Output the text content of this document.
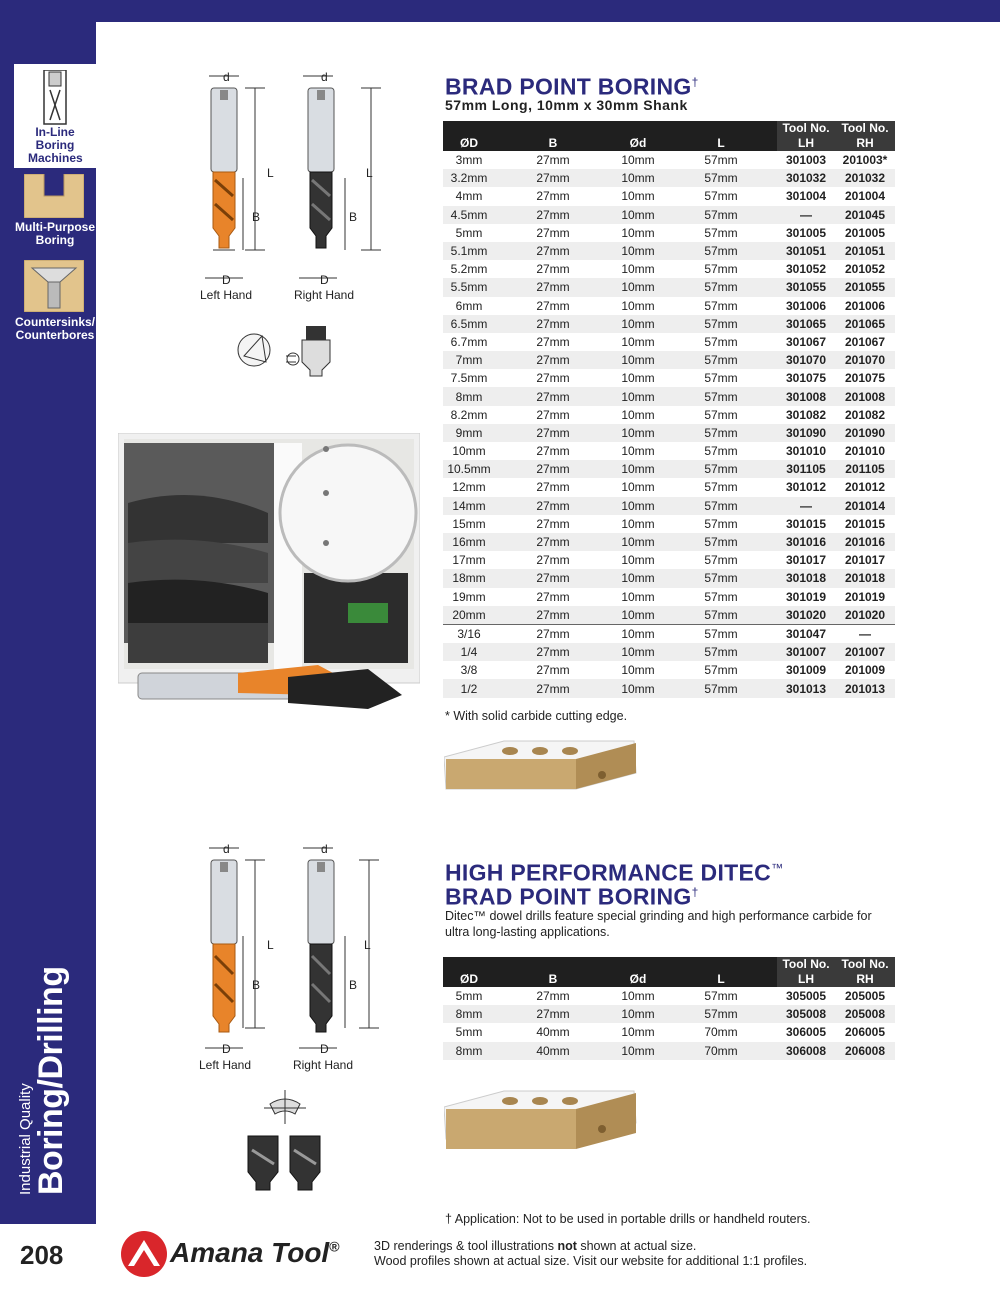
In-Line Boring Machines
Multi-Purpose Boring
Countersinks/ Counterbores
Industrial Quality
Boring/Drilling
d	d
L	L
B	B
D	D
Left Hand	Right Hand
BRAD POINT BORING†
57mm Long, 10mm x 30mm Shank
ØD	B	Ød	L	Tool No.	Tool No.
				LH	RH
3mm	27mm	10mm	57mm	301003	201003*
3.2mm	27mm	10mm	57mm	301032	201032
4mm	27mm	10mm	57mm	301004	201004
4.5mm	27mm	10mm	57mm	—	201045
5mm	27mm	10mm	57mm	301005	201005
5.1mm	27mm	10mm	57mm	301051	201051
5.2mm	27mm	10mm	57mm	301052	201052
5.5mm	27mm	10mm	57mm	301055	201055
6mm	27mm	10mm	57mm	301006	201006
6.5mm	27mm	10mm	57mm	301065	201065
6.7mm	27mm	10mm	57mm	301067	201067
7mm	27mm	10mm	57mm	301070	201070
7.5mm	27mm	10mm	57mm	301075	201075
8mm	27mm	10mm	57mm	301008	201008
8.2mm	27mm	10mm	57mm	301082	201082
9mm	27mm	10mm	57mm	301090	201090
10mm	27mm	10mm	57mm	301010	201010
10.5mm	27mm	10mm	57mm	301105	201105
12mm	27mm	10mm	57mm	301012	201012
14mm	27mm	10mm	57mm	—	201014
15mm	27mm	10mm	57mm	301015	201015
16mm	27mm	10mm	57mm	301016	201016
17mm	27mm	10mm	57mm	301017	201017
18mm	27mm	10mm	57mm	301018	201018
19mm	27mm	10mm	57mm	301019	201019
20mm	27mm	10mm	57mm	301020	201020
3/16	27mm	10mm	57mm	301047	—
1/4	27mm	10mm	57mm	301007	201007
3/8	27mm	10mm	57mm	301009	201009
1/2	27mm	10mm	57mm	301013	201013
* With solid carbide cutting edge.
d	d
L	L
B	B
D	D
Left Hand	Right Hand
HIGH PERFORMANCE DITEC™
BRAD POINT BORING†
Ditec™ dowel drills feature special grinding and high performance carbide for ultra long-lasting applications.
ØD	B	Ød	L	Tool No.	Tool No.
				LH	RH
5mm	27mm	10mm	57mm	305005	205005
8mm	27mm	10mm	57mm	305008	205008
5mm	40mm	10mm	70mm	306005	206005
8mm	40mm	10mm	70mm	306008	206008
† Application: Not to be used in portable drills or handheld routers.
208	Amana Tool®	3D renderings & tool illustrations not shown at actual size.
Wood profiles shown at actual size. Visit our website for additional 1:1 profiles.
